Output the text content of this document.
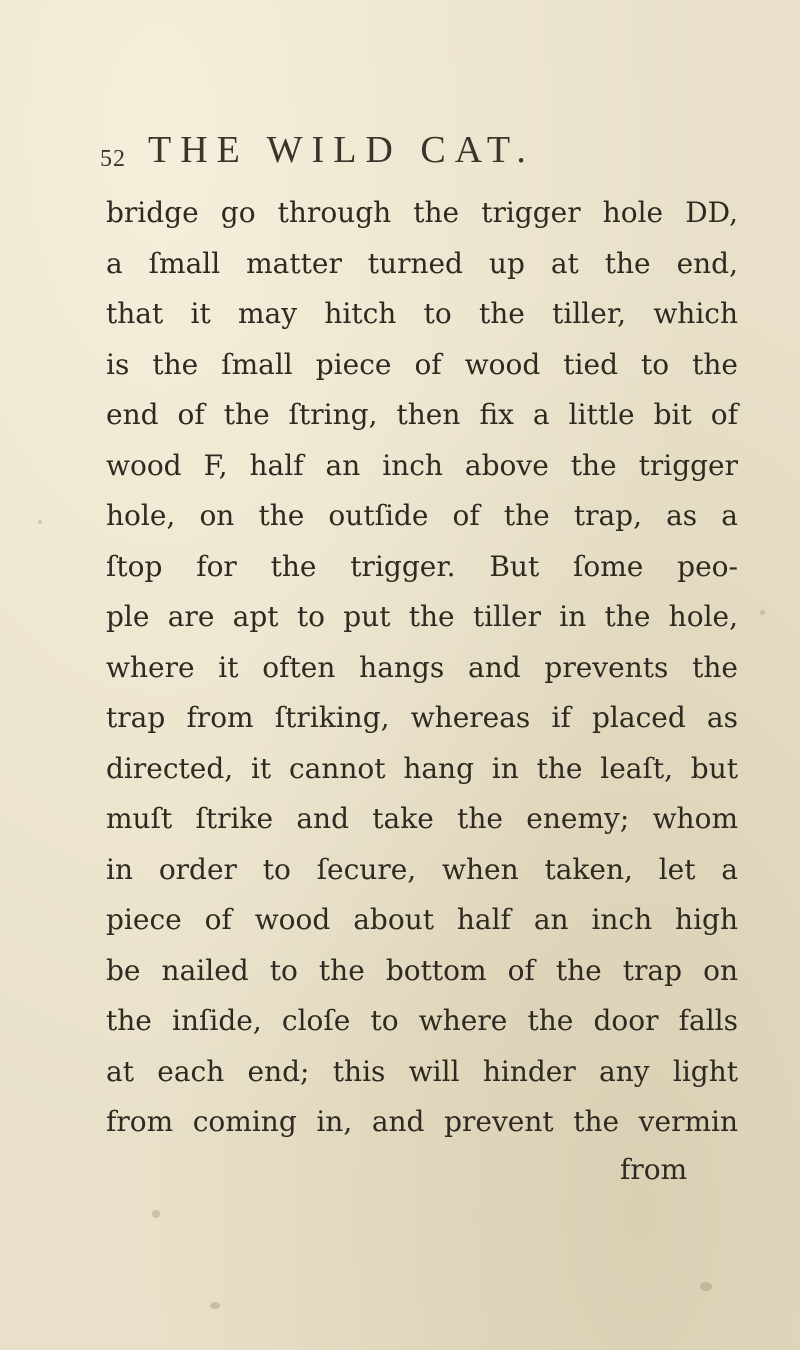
52 THE WILD CAT.
bridge go through the trigger hole DD,
a ſmall matter turned up at the end,
that it may hitch to the tiller, which
is the ſmall piece of wood tied to the
end of the ſtring, then fix a little bit of
wood F, half an inch above the trigger
hole, on the outſide of the trap, as a
ſtop for the trigger. But ſome peo-
ple are apt to put the tiller in the hole,
where it often hangs and prevents the
trap from ſtriking, whereas if placed as
directed, it cannot hang in the leaſt, but
muſt ſtrike and take the enemy; whom
in order to ſecure, when taken, let a
piece of wood about half an inch high
be nailed to the bottom of the trap on
the inſide, cloſe to where the door falls
at each end; this will hinder any light
from coming in, and prevent the vermin
from
